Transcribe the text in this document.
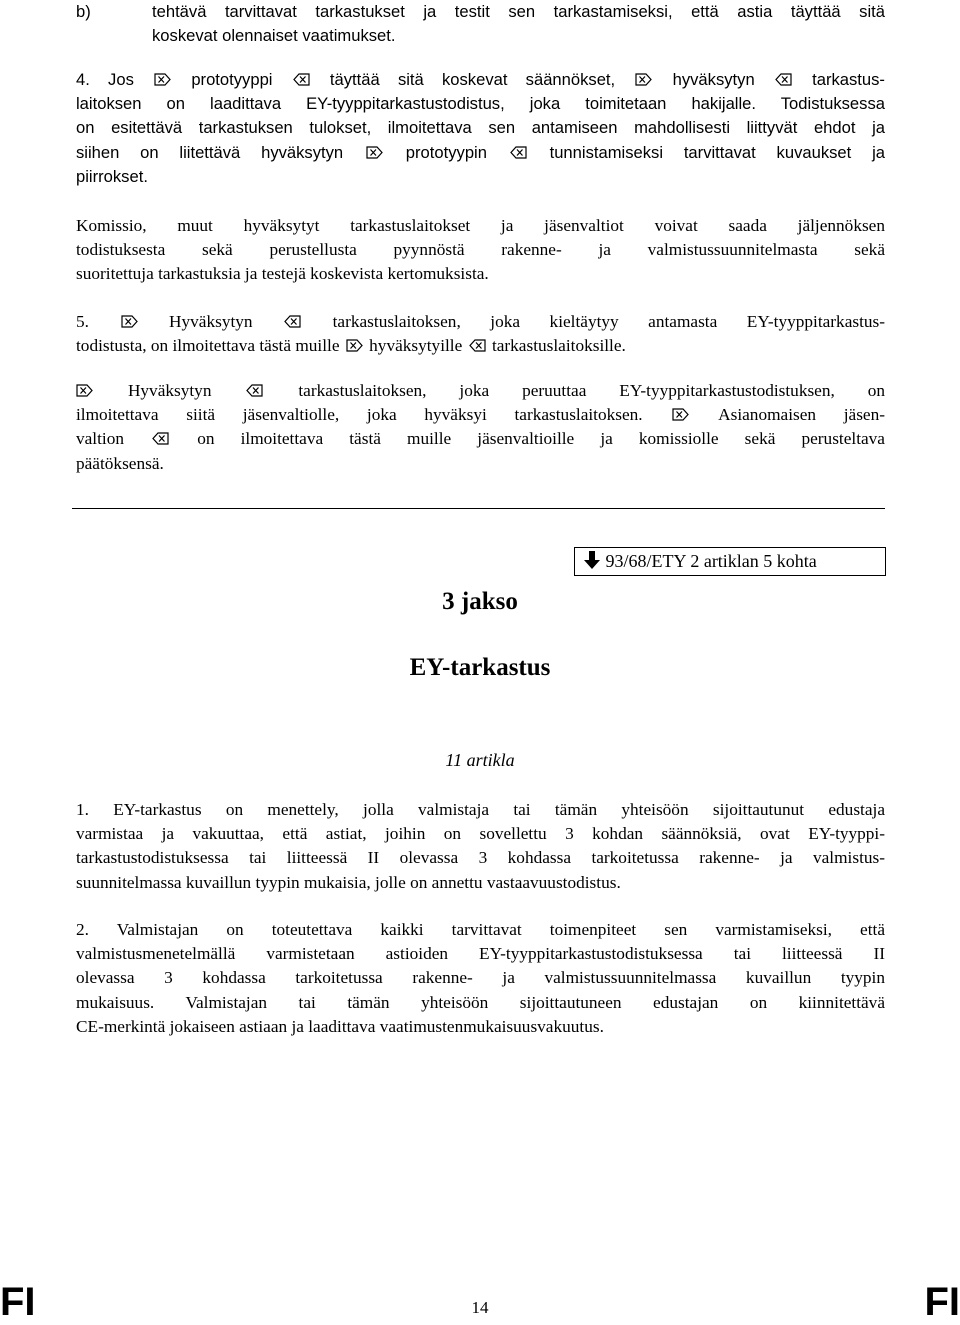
b)	tehtävä tarvittavat tarkastukset ja testit sen tarkastamiseksi, että astia täyttää sitä
koskevat olennaiset vaatimukset.
4. Jos	prototyyppi	täyttää sitä koskevat säännökset,	hyväksytyn	tarkastus-
laitoksen on laadittava EY-tyyppitarkastustodistus, joka toimitetaan hakijalle. Todistuksessa
on esitettävä tarkastuksen tulokset, ilmoitettava sen antamiseen mahdollisesti liittyvät ehdot ja
siihen on liitettävä hyväksytyn	prototyypin	tunnistamiseksi tarvittavat kuvaukset ja
piirrokset.
Komissio, muut hyväksytyt tarkastuslaitokset ja jäsenvaltiot voivat saada jäljennöksen
todistuksesta sekä perustellusta pyynnöstä rakenne- ja valmistussuunnitelmasta sekä
suoritettuja tarkastuksia ja testejä koskevista kertomuksista.
5.	Hyväksytyn	tarkastuslaitoksen, joka kieltäytyy antamasta EY-tyyppitarkastus-
todistusta, on ilmoitettava tästä muille hyväksytyille tarkastuslaitoksille.
Hyväksytyn	tarkastuslaitoksen, joka peruuttaa EY-tyyppitarkastustodistuksen, on
ilmoitettava siitä jäsenvaltiolle, joka hyväksyi tarkastuslaitoksen.	Asianomaisen jäsen-
valtion	on ilmoitettava tästä muille jäsenvaltioille ja komissiolle sekä perusteltava
päätöksensä.
93/68/ETY 2 artiklan 5 kohta
3 jakso
EY-tarkastus
11 artikla
1. EY-tarkastus on menettely, jolla valmistaja tai tämän yhteisöön sijoittautunut edustaja
varmistaa ja vakuuttaa, että astiat, joihin on sovellettu 3 kohdan säännöksiä, ovat EY-tyyppi-
tarkastustodistuksessa tai liitteessä II olevassa 3 kohdassa tarkoitetussa rakenne- ja valmistus-
suunnitelmassa kuvaillun tyypin mukaisia, jolle on annettu vastaavuustodistus.
2. Valmistajan on toteutettava kaikki tarvittavat toimenpiteet sen varmistamiseksi, että
valmistusmenetelmällä varmistetaan astioiden EY-tyyppitarkastustodistuksessa tai liitteessä II
olevassa 3 kohdassa tarkoitetussa rakenne- ja valmistussuunnitelmassa kuvaillun tyypin
mukaisuus. Valmistajan tai tämän yhteisöön sijoittautuneen edustajan on kiinnitettävä
CE-merkintä jokaiseen astiaan ja laadittava vaatimustenmukaisuusvakuutus.
FI	14	FI
